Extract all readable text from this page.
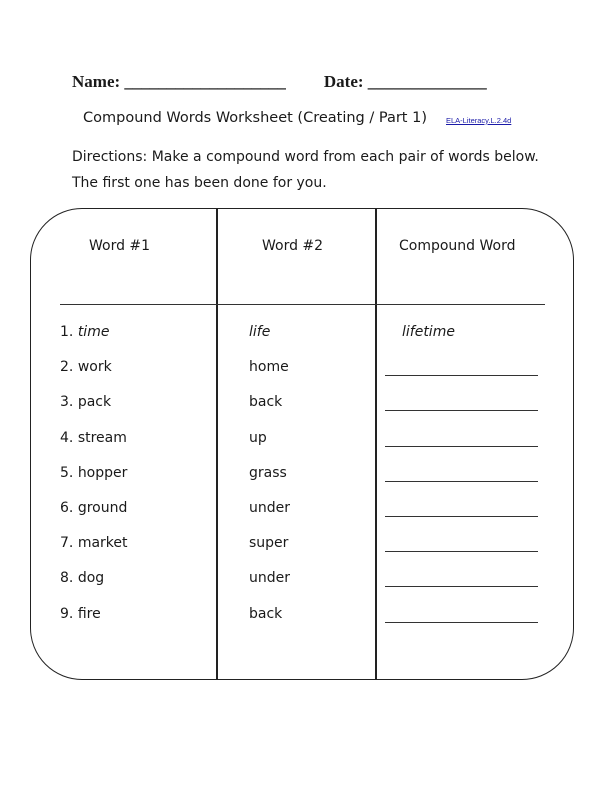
Name: ___________________ Date: ______________
Compound Words Worksheet (Creating / Part 1)	ELA-Literacy.L.2.4d
Directions: Make a compound word from each pair of words below. The first one has been done for you.
Word #1	Word #2	Compound Word
1. time	life	lifetime
2. work	home
3. pack	back
4. stream	up
5. hopper	grass
6. ground	under
7. market	super
8. dog	under
9. fire	back
